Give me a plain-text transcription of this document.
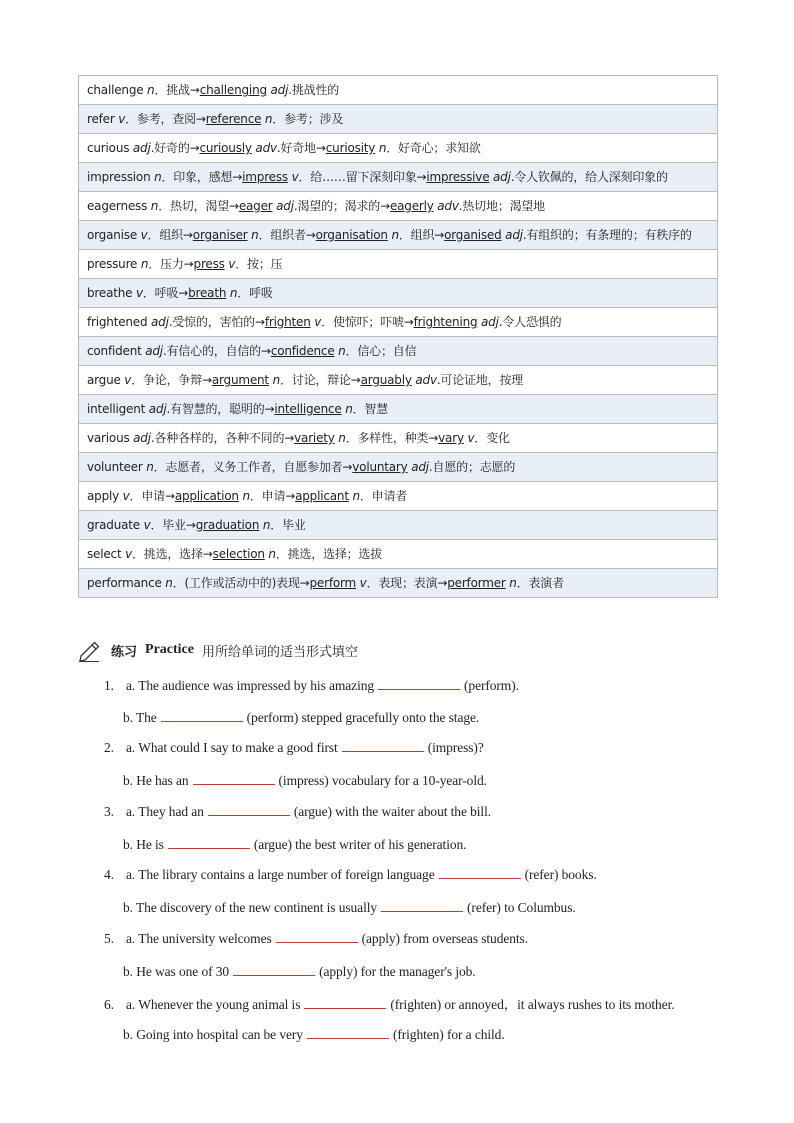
challenge n．挑战→challenging adj.挑战性的
refer v．参考，查阅→reference n．参考；涉及
curious adj.好奇的→curiously adv.好奇地→curiosity n．好奇心；求知欲
impression n．印象，感想→impress v．给……留下深刻印象→impressive adj.令人钦佩的，给人深刻印象的
eagerness n．热切，渴望→eager adj.渴望的；渴求的→eagerly adv.热切地；渴望地
organise v．组织→organiser n．组织者→organisation n．组织→organised adj.有组织的；有条理的；有秩序的
pressure n．压力→press v．按；压
breathe v．呼吸→breath n．呼吸
frightened adj.受惊的，害怕的→frighten v．使惊吓；吓唬→frightening adj.令人恐惧的
confident adj.有信心的，自信的→confidence n．信心；自信
argue v．争论，争辩→argument n．讨论，辩论→arguably adv.可论证地，按理
intelligent adj.有智慧的，聪明的→intelligence n．智慧
various adj.各种各样的，各种不同的→variety n．多样性，种类→vary v．变化
volunteer n．志愿者，义务工作者，自愿参加者→voluntary adj.自愿的；志愿的
apply v．申请→application n．申请→applicant n．申请者
graduate v．毕业→graduation n．毕业
select v．挑选，选择→selection n．挑选，选择；选拔
performance n．(工作或活动中的)表现→perform v．表现；表演→performer n．表演者
练习 Practice 用所给单词的适当形式填空
1. a. The audience was impressed by his amazing	(perform).
b. The	(perform) stepped gracefully onto the stage.
2. a. What could I say to make a good first	(impress)?
b. He has an	(impress) vocabulary for a 10-year-old.
3. a. They had an	(argue) with the waiter about the bill.
b. He is	(argue) the best writer of his generation.
4. a. The library contains a large number of foreign language	(refer) books.
b. The discovery of the new continent is usually	(refer) to Columbus.
5. a. The university welcomes	(apply) from overseas students.
b. He was one of 30	(apply) for the manager's job.
6. a. Whenever the young animal is	(frighten) or annoyed，it always rushes to its mother.
b. Going into hospital can be very	(frighten) for a child.
